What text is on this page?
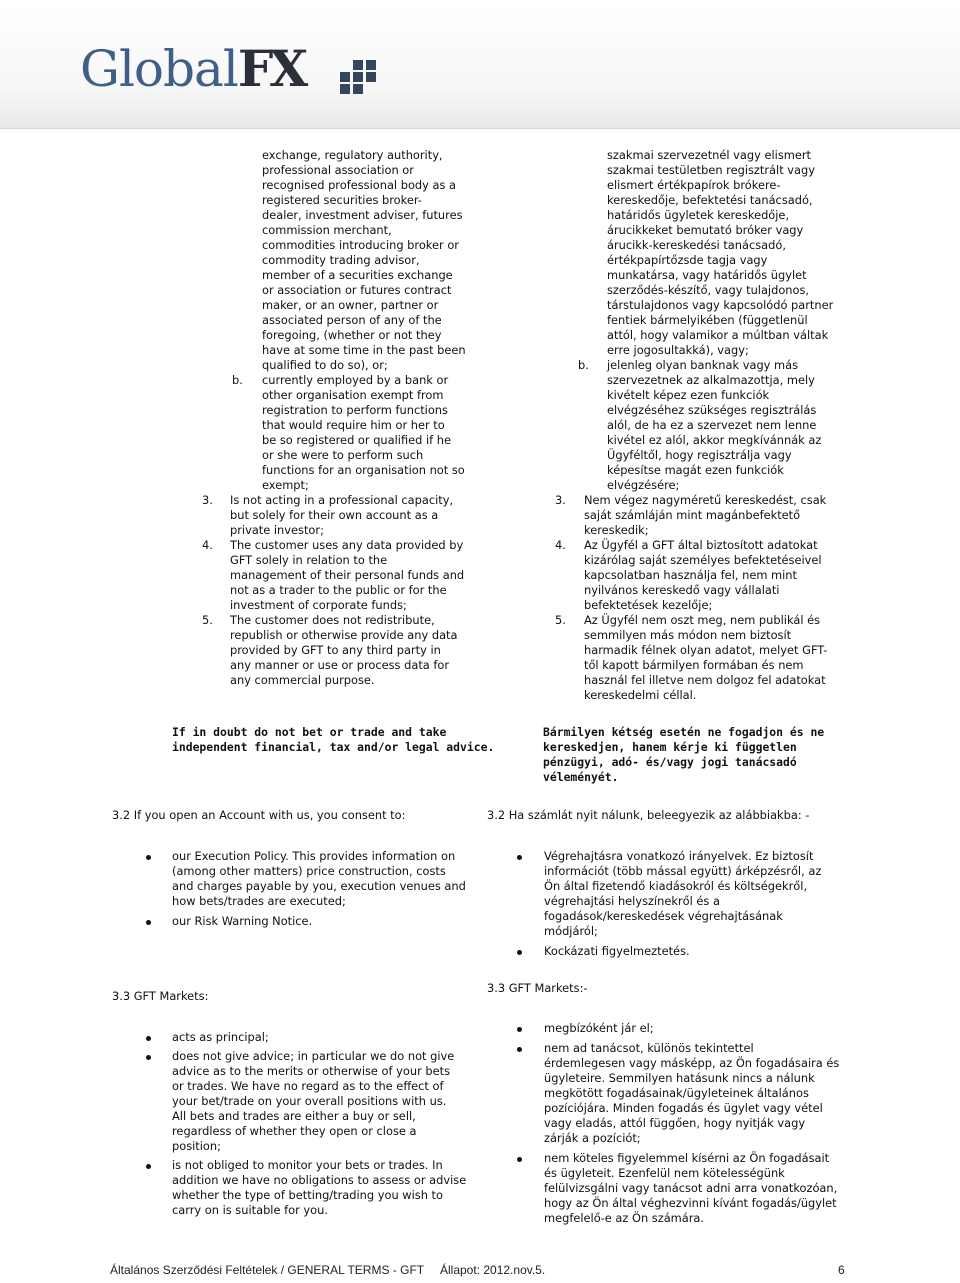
GlobalFX

exchange, regulatory authority,

professional association or

recognised professional body as a

registered securities broker-

dealer, investment adviser, futures

commission merchant,

commodities introducing broker or

commodity trading advisor,

member of a securities exchange

or association or futures contract

maker, or an owner, partner or

associated person of any of the

foregoing, (whether or not they

have at some time in the past been

qualified to do so), or;

b. currently employed by a bank or

other organisation exempt from

registration to perform functions

that would require him or her to

be so registered or qualified if he

or she were to perform such

functions for an organisation not so

exempt;

3. Is not acting in a professional capacity,

but solely for their own account as a

private investor;

4. The customer uses any data provided by

GFT solely in relation to the

management of their personal funds and

not as a trader to the public or for the

investment of corporate funds;

5. The customer does not redistribute,

republish or otherwise provide any data

provided by GFT to any third party in

any manner or use or process data for

any commercial purpose.

szakmai szervezetnél vagy elismert

szakmai testületben regisztrált vagy

elismert értékpapírok brókere-

kereskedője, befektetési tanácsadó,

határidős ügyletek kereskedője,

árucikkeket bemutató bróker vagy

árucikk-kereskedési tanácsadó,

értékpapírtőzsde tagja vagy

munkatársa, vagy határidős ügylet

szerződés-készítő, vagy tulajdonos,

társtulajdonos vagy kapcsolódó partner

fentiek bármelyikében (függetlenül

attól, hogy valamikor a múltban váltak

erre jogosultakká), vagy;

b. jelenleg olyan banknak vagy más

szervezetnek az alkalmazottja, mely

kivételt képez ezen funkciók

elvégzéséhez szükséges regisztrálás

alól, de ha ez a szervezet nem lenne

kivétel ez alól, akkor megkívánnák az

Ügyféltől, hogy regisztrálja vagy

képesítse magát ezen funkciók

elvégzésére;

3. Nem végez nagyméretű kereskedést, csak

saját számláján mint magánbefektető

kereskedik;

4. Az Ügyfél a GFT által biztosított adatokat

kizárólag saját személyes befektetéseivel

kapcsolatban használja fel, nem mint

nyilvános kereskedő vagy vállalati

befektetések kezelője;

5. Az Ügyfél nem oszt meg, nem publikál és

semmilyen más módon nem biztosít

harmadik félnek olyan adatot, melyet GFT-

től kapott bármilyen formában és nem

használ fel illetve nem dolgoz fel adatokat

kereskedelmi céllal.

If in doubt do not bet or trade and take

independent financial, tax and/or legal advice.

Bármilyen kétség esetén ne fogadjon és ne

kereskedjen, hanem kérje ki független

pénzügyi, adó- és/vagy jogi tanácsadó

véleményét.

3.2 If you open an Account with us, you consent to:	3.2 Ha számlát nyit nálunk, beleegyezik az alábbiakba: -

our Execution Policy. This provides information on

(among other matters) price construction, costs

and charges payable by you, execution venues and

how bets/trades are executed;

our Risk Warning Notice.

Végrehajtásra vonatkozó irányelvek. Ez biztosít

információt (több mással együtt) árképzésről, az

Ön által fizetendő kiadásokról és költségekről,

végrehajtási helyszínekről és a

fogadások/kereskedések végrehajtásának

módjáról;

Kockázati figyelmeztetés.

3.3 GFT Markets:
3.3 GFT Markets:-

acts as principal;

does not give advice; in particular we do not give

advice as to the merits or otherwise of your bets

or trades. We have no regard as to the effect of

your bet/trade on your overall positions with us.

All bets and trades are either a buy or sell,

regardless of whether they open or close a

position;

is not obliged to monitor your bets or trades. In

addition we have no obligations to assess or advise

whether the type of betting/trading you wish to

carry on is suitable for you.

megbízóként jár el;

nem ad tanácsot, különös tekintettel

érdemlegesen vagy másképp, az Ön fogadásaira és

ügyleteire. Semmilyen hatásunk nincs a nálunk

megkötött fogadásainak/ügyleteinek általános

pozíciójára. Minden fogadás és ügylet vagy vétel

vagy eladás, attól függően, hogy nyitják vagy

zárják a pozíciót;

nem köteles figyelemmel kísérni az Ön fogadásait

és ügyleteit. Ezenfelül nem kötelességünk

felülvizsgálni vagy tanácsot adni arra vonatkozóan,

hogy az Ön által véghezvinni kívánt fogadás/ügylet

megfelelő-e az Ön számára.

Általános Szerződési Feltételek / GENERAL TERMS - GFT Állapot: 2012.nov.5.	6
